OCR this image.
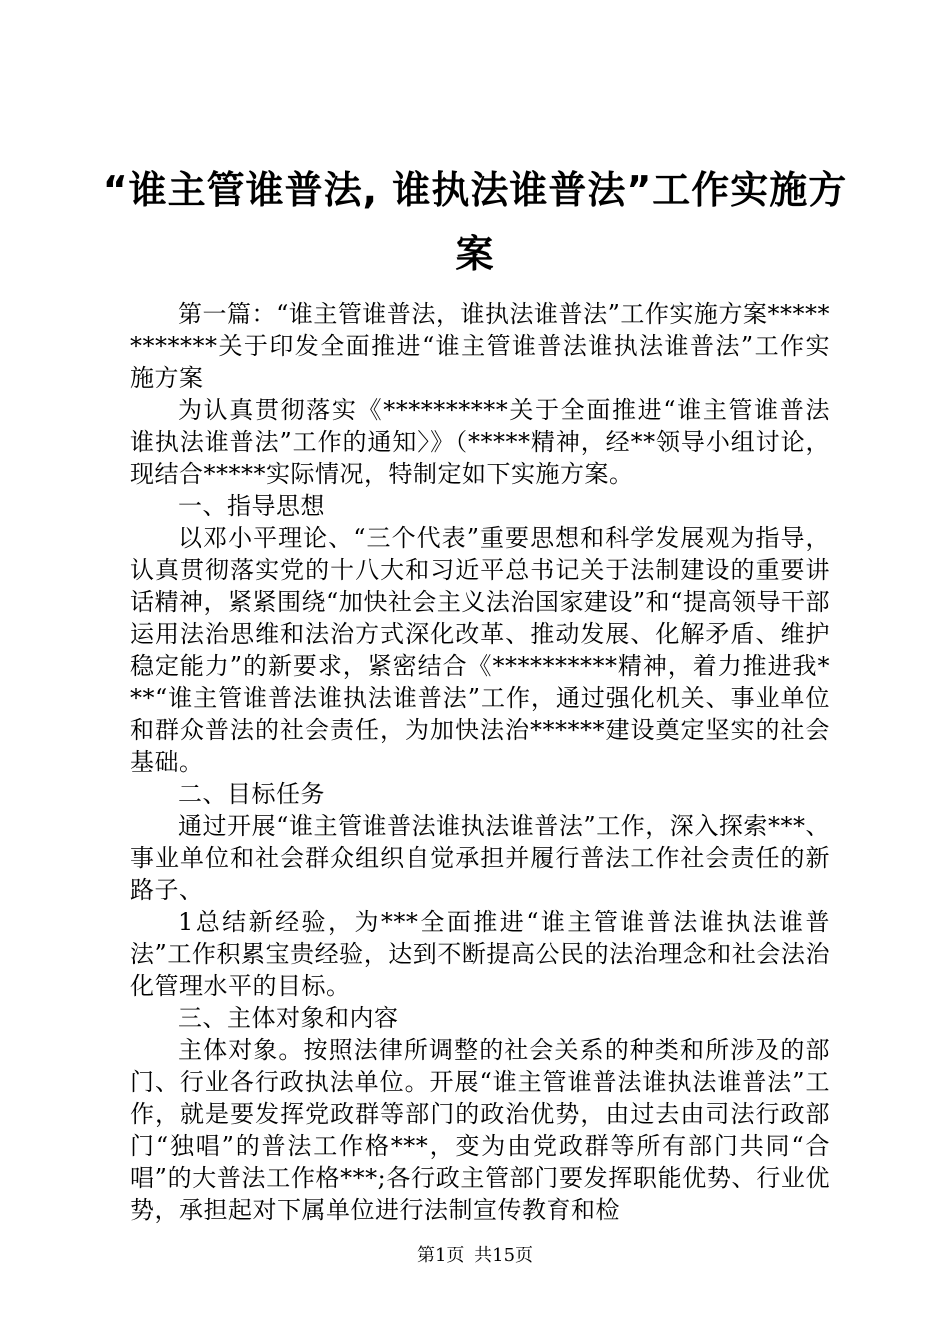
“谁主管谁普法, 谁执法谁普法”工作实施方
案

第一篇：“谁主管谁普法，谁执法谁普法”工作实施方案************关于印发全面推进“谁主管谁普法谁执法谁普法”工作实施方案

为认真贯彻落实《**********关于全面推进“谁主管谁普法谁执法谁普法”工作的通知〉》（*****精神，经**领导小组讨论，现结合*****实际情况，特制定如下实施方案。

一、指导思想

以邓小平理论、“三个代表”重要思想和科学发展观为指导，认真贯彻落实党的十八大和习近平总书记关于法制建设的重要讲话精神，紧紧围绕“加快社会主义法治国家建设”和“提高领导干部运用法治思维和法治方式深化改革、推动发展、化解矛盾、维护稳定能力”的新要求，紧密结合《**********精神，着力推进我***“谁主管谁普法谁执法谁普法”工作，通过强化机关、事业单位和群众普法的社会责任，为加快法治******建设奠定坚实的社会基础。

二、目标任务

通过开展“谁主管谁普法谁执法谁普法”工作，深入探索***、事业单位和社会群众组织自觉承担并履行普法工作社会责任的新路子、

1总结新经验，为***全面推进“谁主管谁普法谁执法谁普法”工作积累宝贵经验，达到不断提高公民的法治理念和社会法治化管理水平的目标。

三、主体对象和内容

主体对象。按照法律所调整的社会关系的种类和所涉及的部门、行业各行政执法单位。开展“谁主管谁普法谁执法谁普法”工作，就是要发挥党政群等部门的政治优势，由过去由司法行政部门“独唱”的普法工作格***，变为由党政群等所有部门共同“合唱”的大普法工作格***;各行政主管部门要发挥职能优势、行业优势，承担起对下属单位进行法制宣传教育和检

第1页 共15页
